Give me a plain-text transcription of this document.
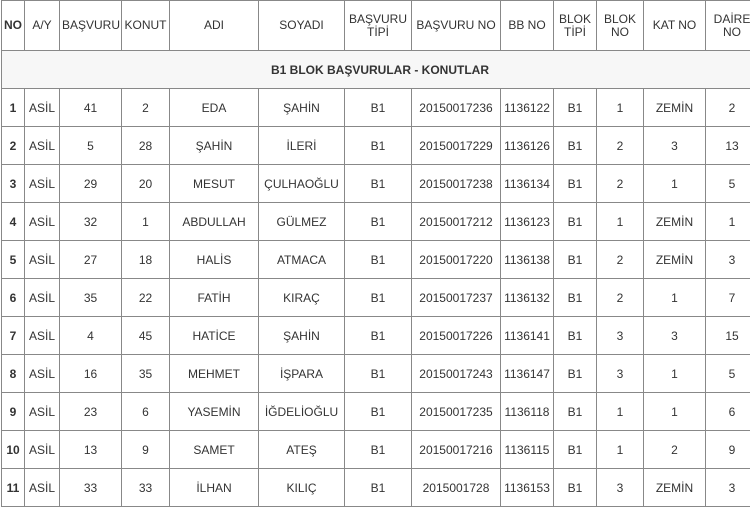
NO	A/Y	BAŞVURU	KONUT	ADI	SOYADI	BAŞVURU TİPİ	BAŞVURU NO	BB NO	BLOK TİPİ	BLOK NO	KAT NO	DAİRE NO
B1 BLOK BAŞVURULAR - KONUTLAR												
1	ASİL	41	2	EDA	ŞAHİN	B1	20150017236	1136122	B1	1	ZEMİN	2
2	ASİL	5	28	ŞAHİN	İLERİ	B1	20150017229	1136126	B1	2	3	13
3	ASİL	29	20	MESUT	ÇULHAOĞLU	B1	20150017238	1136134	B1	2	1	5
4	ASİL	32	1	ABDULLAH	GÜLMEZ	B1	20150017212	1136123	B1	1	ZEMİN	1
5	ASİL	27	18	HALİS	ATMACA	B1	20150017220	1136138	B1	2	ZEMİN	3
6	ASİL	35	22	FATİH	KIRAÇ	B1	20150017237	1136132	B1	2	1	7
7	ASİL	4	45	HATİCE	ŞAHİN	B1	20150017226	1136141	B1	3	3	15
8	ASİL	16	35	MEHMET	İŞPARA	B1	20150017243	1136147	B1	3	1	5
9	ASİL	23	6	YASEMİN	İĞDELİOĞLU	B1	20150017235	1136118	B1	1	1	6
10	ASİL	13	9	SAMET	ATEŞ	B1	20150017216	1136115	B1	1	2	9
11	ASİL	33	33	İLHAN	KILIÇ	B1	2015001728	1136153	B1	3	ZEMİN	3
